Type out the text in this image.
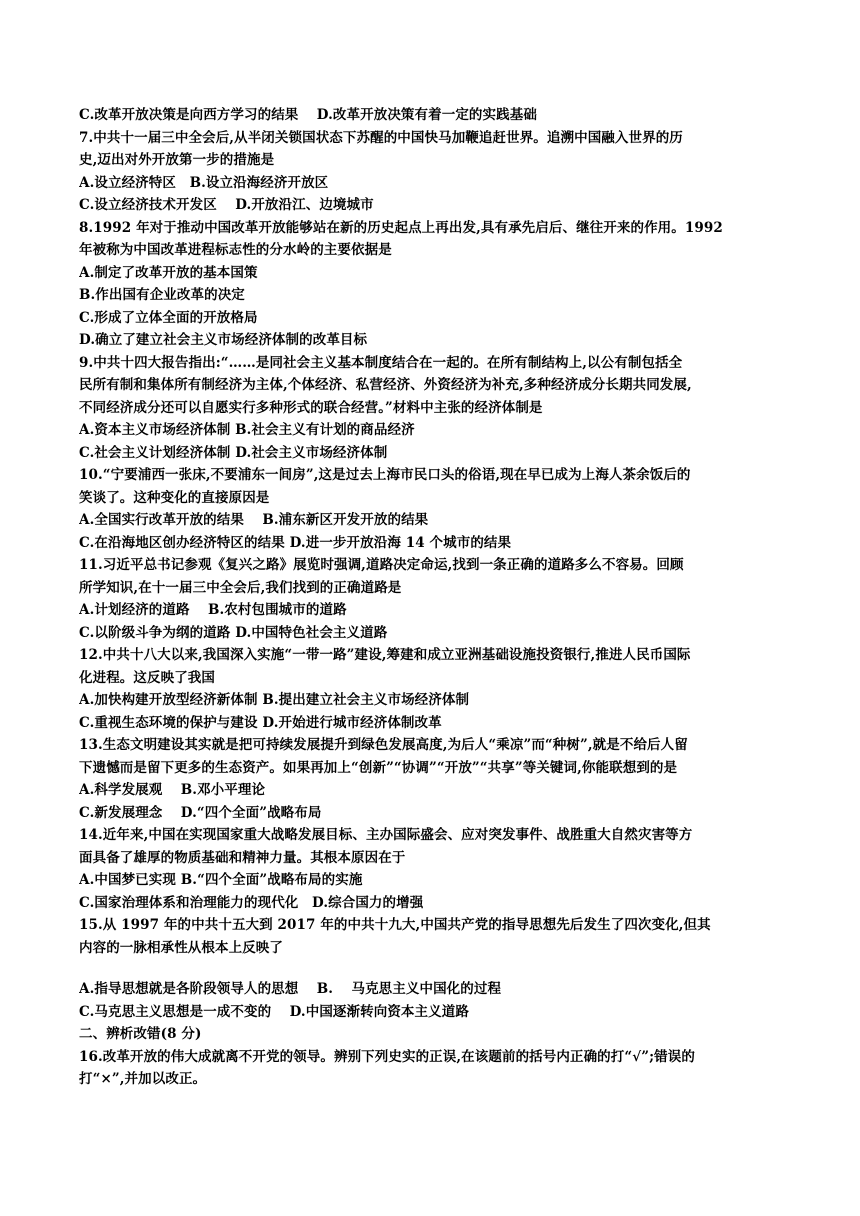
C.改革开放决策是向西方学习的结果　 D.改革开放决策有着一定的实践基础
7.中共十一届三中全会后,从半闭关锁国状态下苏醒的中国快马加鞭追赶世界。追溯中国融入世界的历
史,迈出对外开放第一步的措施是
A.设立经济特区　B.设立沿海经济开放区
C.设立经济技术开发区　 D.开放沿江、边境城市
8.1992 年对于推动中国改革开放能够站在新的历史起点上再出发,具有承先启后、继往开来的作用。1992
年被称为中国改革进程标志性的分水岭的主要依据是
A.制定了改革开放的基本国策
B.作出国有企业改革的决定
C.形成了立体全面的开放格局
D.确立了建立社会主义市场经济体制的改革目标
9.中共十四大报告指出:“……是同社会主义基本制度结合在一起的。在所有制结构上,以公有制包括全
民所有制和集体所有制经济为主体,个体经济、私营经济、外资经济为补充,多种经济成分长期共同发展,
不同经济成分还可以自愿实行多种形式的联合经营。”材料中主张的经济体制是
A.资本主义市场经济体制 B.社会主义有计划的商品经济
C.社会主义计划经济体制 D.社会主义市场经济体制
10.“宁要浦西一张床,不要浦东一间房”,这是过去上海市民口头的俗语,现在早已成为上海人茶余饭后的
笑谈了。这种变化的直接原因是
A.全国实行改革开放的结果　 B.浦东新区开发开放的结果
C.在沿海地区创办经济特区的结果 D.进一步开放沿海 14 个城市的结果
11.习近平总书记参观《复兴之路》展览时强调,道路决定命运,找到一条正确的道路多么不容易。回顾
所学知识,在十一届三中全会后,我们找到的正确道路是
A.计划经济的道路　 B.农村包围城市的道路
C.以阶级斗争为纲的道路 D.中国特色社会主义道路
12.中共十八大以来,我国深入实施“一带一路”建设,筹建和成立亚洲基础设施投资银行,推进人民币国际
化进程。这反映了我国
A.加快构建开放型经济新体制 B.提出建立社会主义市场经济体制
C.重视生态环境的保护与建设 D.开始进行城市经济体制改革
13.生态文明建设其实就是把可持续发展提升到绿色发展高度,为后人“乘凉”而“种树”,就是不给后人留
下遗憾而是留下更多的生态资产。如果再加上“创新”“协调”“开放”“共享”等关键词,你能联想到的是
A.科学发展观　 B.邓小平理论
C.新发展理念　 D.“四个全面”战略布局
14.近年来,中国在实现国家重大战略发展目标、主办国际盛会、应对突发事件、战胜重大自然灾害等方
面具备了雄厚的物质基础和精神力量。其根本原因在于
A.中国梦已实现 B.“四个全面”战略布局的实施
C.国家治理体系和治理能力的现代化　D.综合国力的增强
15.从 1997 年的中共十五大到 2017 年的中共十九大,中国共产党的指导思想先后发生了四次变化,但其
内容的一脉相承性从根本上反映了
A.指导思想就是各阶段领导人的思想　 B.　 马克思主义中国化的过程
C.马克思主义思想是一成不变的　 D.中国逐渐转向资本主义道路
二、辨析改错(8 分)
16.改革开放的伟大成就离不开党的领导。辨别下列史实的正误,在该题前的括号内正确的打“√”;错误的
打“×”,并加以改正。
